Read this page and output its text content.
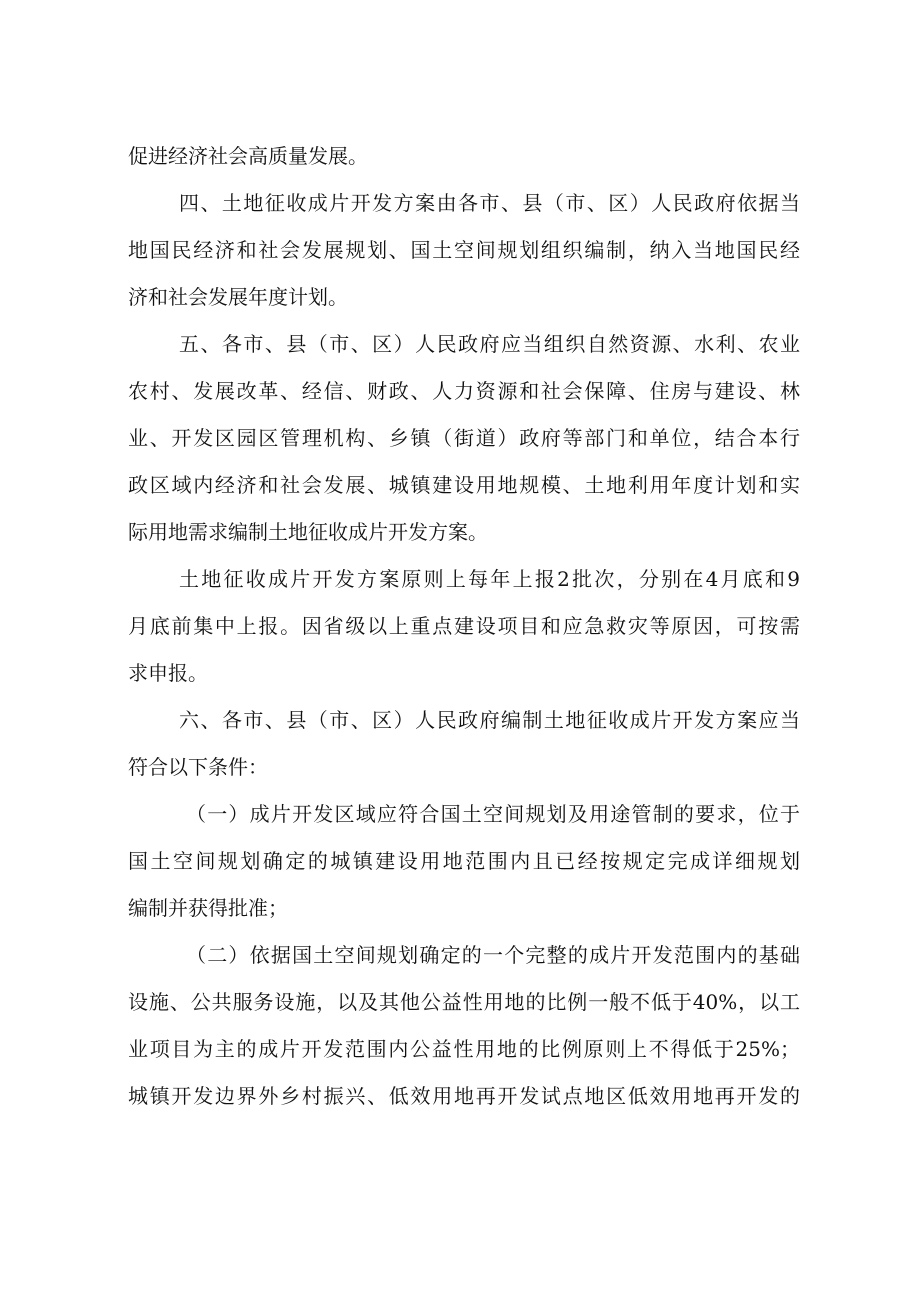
促进经济社会高质量发展。
四、土地征收成片开发方案由各市、县（市、区）人民政府依据当
地国民经济和社会发展规划、国土空间规划组织编制，纳入当地国民经
济和社会发展年度计划。
五、各市、县（市、区）人民政府应当组织自然资源、水利、农业
农村、发展改革、经信、财政、人力资源和社会保障、住房与建设、林
业、开发区园区管理机构、乡镇（街道）政府等部门和单位，结合本行
政区域内经济和社会发展、城镇建设用地规模、土地利用年度计划和实
际用地需求编制土地征收成片开发方案。
土地征收成片开发方案原则上每年上报2批次，分别在4月底和9
月底前集中上报。因省级以上重点建设项目和应急救灾等原因，可按需
求申报。
六、各市、县（市、区）人民政府编制土地征收成片开发方案应当
符合以下条件：
（一）成片开发区域应符合国土空间规划及用途管制的要求，位于
国土空间规划确定的城镇建设用地范围内且已经按规定完成详细规划
编制并获得批准；
（二）依据国土空间规划确定的一个完整的成片开发范围内的基础
设施、公共服务设施，以及其他公益性用地的比例一般不低于40%，以工
业项目为主的成片开发范围内公益性用地的比例原则上不得低于25%；
城镇开发边界外乡村振兴、低效用地再开发试点地区低效用地再开发的
